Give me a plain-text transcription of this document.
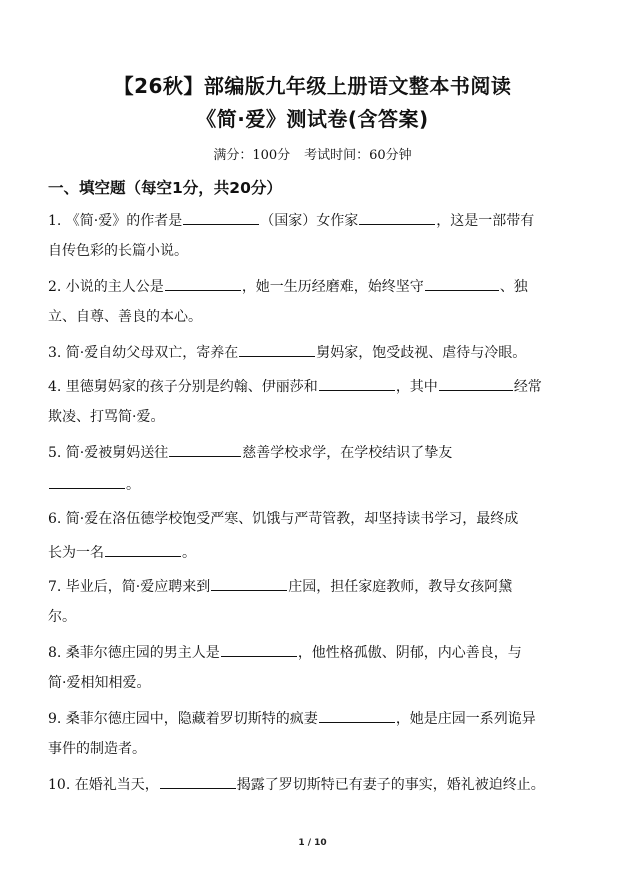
【26秋】部编版九年级上册语文整本书阅读
《简·爱》测试卷(含答案)
满分：100分 考试时间：60分钟
一、填空题（每空1分，共20分）
1. 《简·爱》的作者是	（国家）女作家	，这是一部带有
自传色彩的长篇小说。
2. 小说的主人公是	，她一生历经磨难，始终坚守	、独
立、自尊、善良的本心。
3. 简·爱自幼父母双亡，寄养在	舅妈家，饱受歧视、虐待与冷眼。
4. 里德舅妈家的孩子分别是约翰、伊丽莎和	，其中	经常
欺凌、打骂简·爱。
5. 简·爱被舅妈送往	慈善学校求学，在学校结识了挚友
。
6. 简·爱在洛伍德学校饱受严寒、饥饿与严苛管教，却坚持读书学习，最终成
长为一名	。
7. 毕业后，简·爱应聘来到	庄园，担任家庭教师，教导女孩阿黛
尔。
8. 桑菲尔德庄园的男主人是	，他性格孤傲、阴郁，内心善良，与
简·爱相知相爱。
9. 桑菲尔德庄园中，隐藏着罗切斯特的疯妻	，她是庄园一系列诡异
事件的制造者。
10. 在婚礼当天，	揭露了罗切斯特已有妻子的事实，婚礼被迫终止。
1 / 10
